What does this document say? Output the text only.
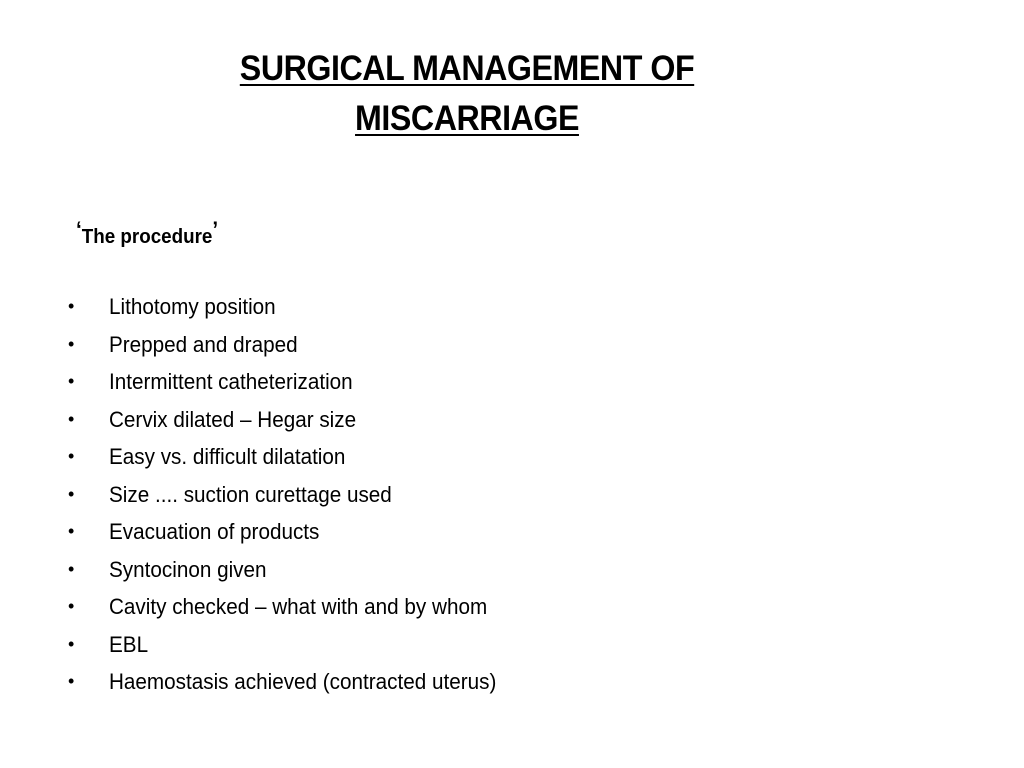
SURGICAL MANAGEMENT OF
MISCARRIAGE
‘The procedure’
•	Lithotomy position
•	Prepped and draped
•	Intermittent catheterization
•	Cervix dilated – Hegar size
•	Easy vs. difficult dilatation
•	Size .... suction curettage used
•	Evacuation of products
•	Syntocinon given
•	Cavity checked – what with and by whom
•	EBL
•	Haemostasis achieved (contracted uterus)
